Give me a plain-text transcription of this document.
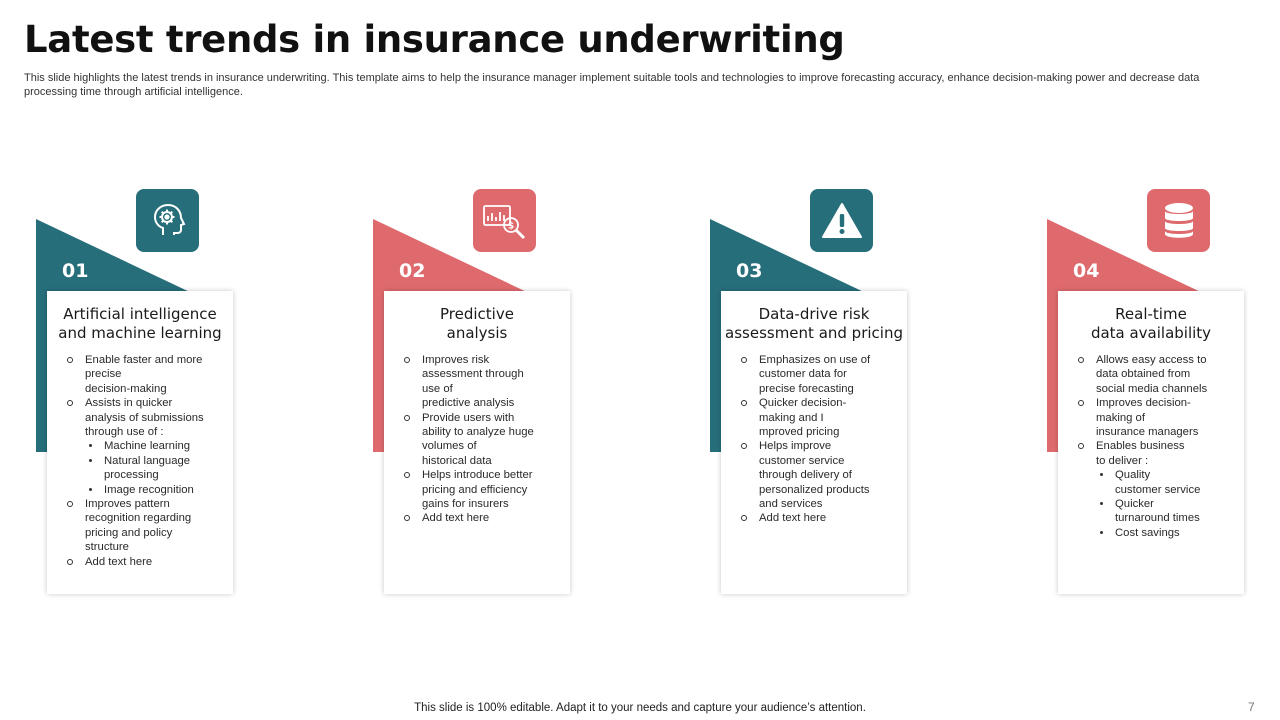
Latest trends in insurance underwriting
This slide highlights the latest trends in insurance underwriting. This template aims to help the insurance manager implement suitable tools and technologies to improve forecasting accuracy, enhance decision-making power and decrease data processing time through artificial intelligence.
01
Artificial intelligence
and machine learning
Enable faster and more
precise
decision-making
Assists in quicker
analysis of submissions
through use of :
Machine learning
Natural language
processing
Image recognition
Improves pattern
recognition regarding
pricing and policy
structure
Add text here
02
$
Predictive
analysis
Improves risk
assessment through
use of
predictive analysis
Provide users with
ability to analyze huge
volumes of
historical data
Helps introduce better
pricing and efficiency
gains for insurers
Add text here
03
Data-drive risk
assessment and pricing
Emphasizes on use of
customer data for
precise forecasting
Quicker decision-
making and I
mproved pricing
Helps improve
customer service
through delivery of
personalized products
and services
Add text here
04
Real-time
data availability
Allows easy access to
data obtained from
social media channels
Improves decision-
making of
insurance managers
Enables business
to deliver :
Quality
customer service
Quicker
turnaround times
Cost savings
This slide is 100% editable. Adapt it to your needs and capture your audience’s attention.	7
